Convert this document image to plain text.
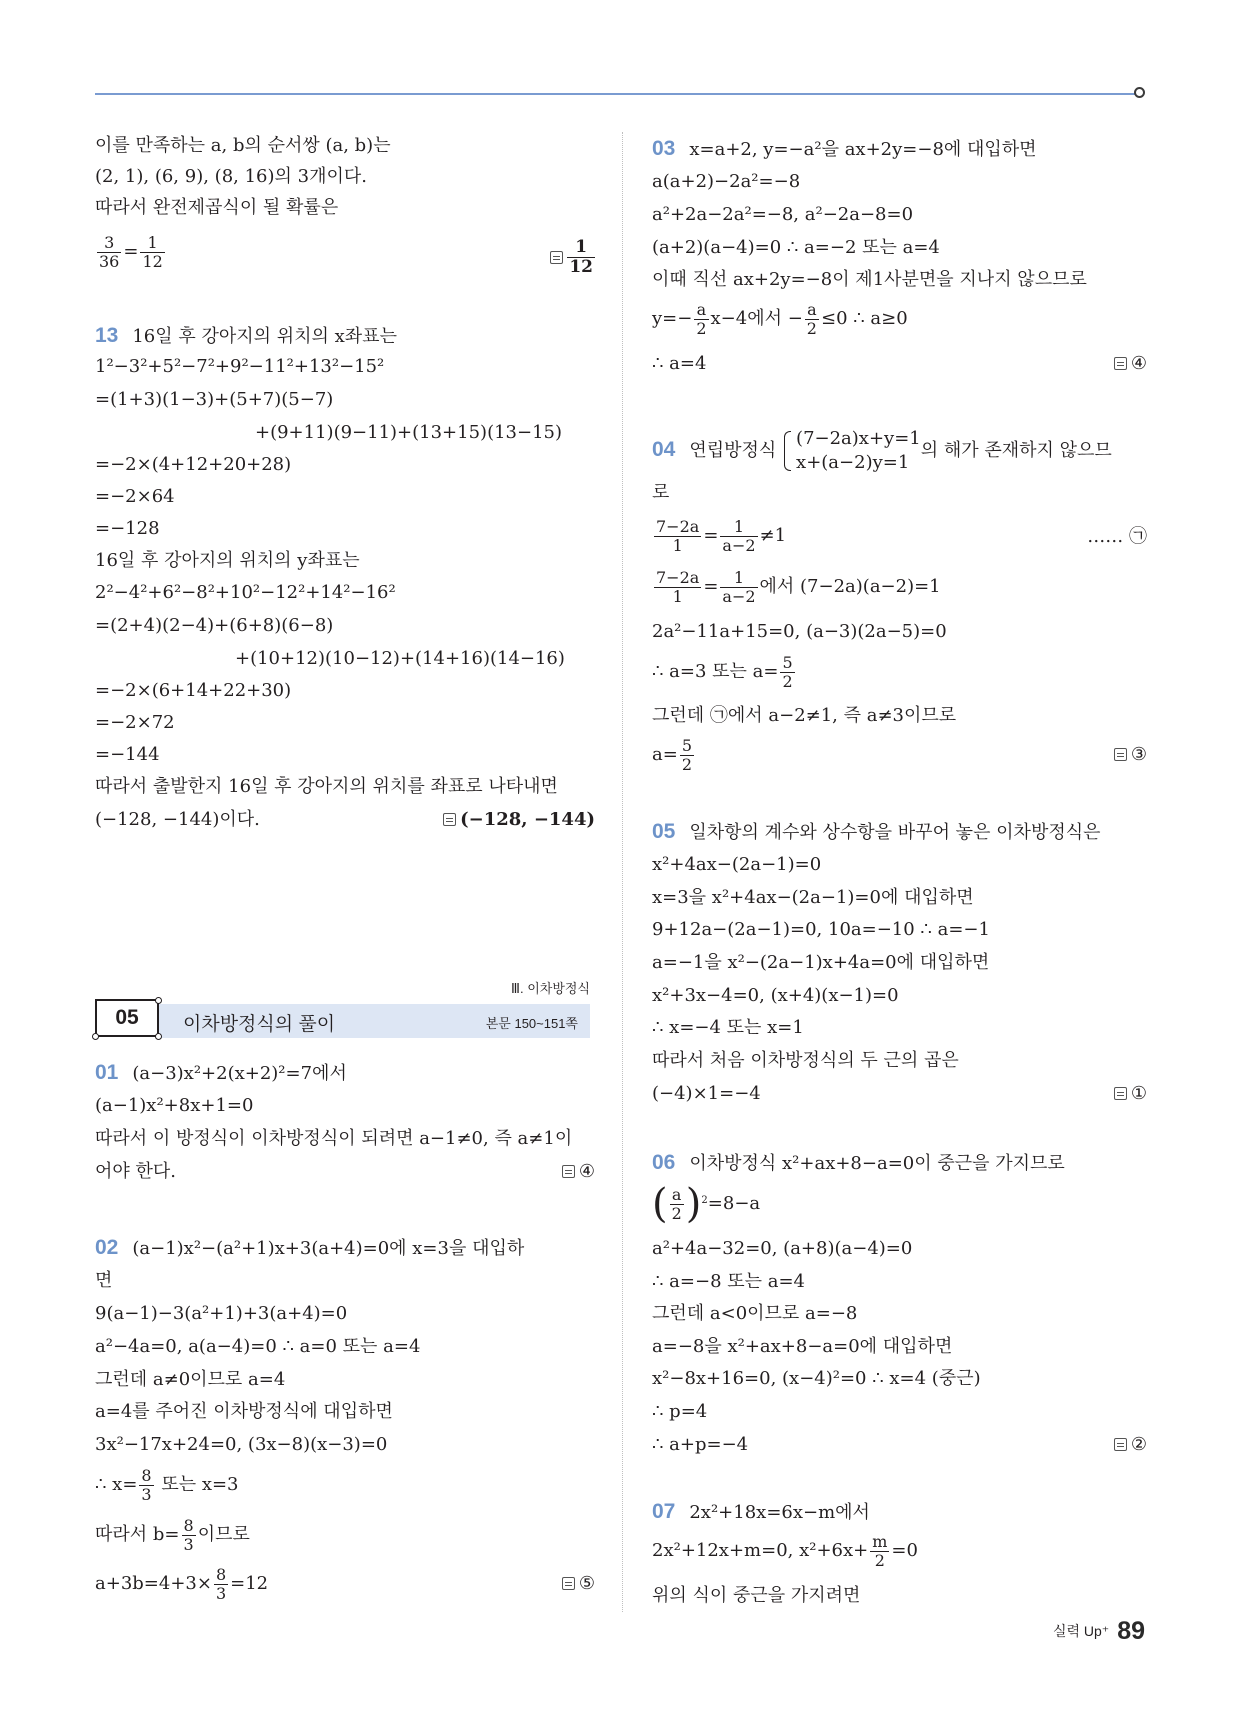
이를 만족하는 a, b의 순서쌍 (a, b)는
(2, 1), (6, 9), (8, 16)의 3개이다.
따라서 완전제곱식이 될 확률은
$\frac{3}{36} = \frac{1}{12}$	$\frac{1}{12}$
13 16일 후 강아지의 위치의 x좌표는
1²−3²+5²−7²+9²−11²+13²−15²
=(1+3)(1−3)+(5+7)(5−7)
+(9+11)(9−11)+(13+15)(13−15)
=−2×(4+12+20+28)
=−2×64
=−128
16일 후 강아지의 위치의 y좌표는
2²−4²+6²−8²+10²−12²+14²−16²
=(2+4)(2−4)+(6+8)(6−8)
+(10+12)(10−12)+(14+16)(14−16)
=−2×(6+14+22+30)
=−2×72
=−144
따라서 출발한지 16일 후 강아지의 위치를 좌표로 나타내면
(−128, −144)이다.	(−128, −144)
Ⅲ. 이차방정식
05	이차방정식의 풀이	본문 150~151쪽
01 (a−3)x²+2(x+2)²=7에서
(a−1)x²+8x+1=0
따라서 이 방정식이 이차방정식이 되려면 a−1≠0, 즉 a≠1이
어야 한다.	④
02 (a−1)x²−(a²+1)x+3(a+4)=0에 x=3을 대입하
면
9(a−1)−3(a²+1)+3(a+4)=0
a²−4a=0, a(a−4)=0 ∴ a=0 또는 a=4
그런데 a≠0이므로 a=4
a=4를 주어진 이차방정식에 대입하면
3x²−17x+24=0, (3x−8)(x−3)=0
∴ $x= \frac{8}{3}$ 또는 x=3
따라서 $b= \frac{8}{3}$ 이므로
$a+3b=4+3\times \frac{8}{3} =12$	⑤
03 x=a+2, y=−a²을 ax+2y=−8에 대입하면
a(a+2)−2a²=−8
a²+2a−2a²=−8, a²−2a−8=0
(a+2)(a−4)=0 ∴ a=−2 또는 a=4
이때 직선 ax+2y=−8이 제1사분면을 지나지 않으므로
$y=- \frac{a}{2} x-4$에서 − $\frac{a}{2} \le 0$ ∴ a≥0
∴ a=4	④
04 연립방정식
(7−2a)x+y=1
x+(a−2)y=1
의 해가 존재하지 않으므
로
$\frac{7-2a}{1} = \frac{1}{a-2} \ne 1$	…… ㉠
$\frac{7-2a}{1} = \frac{1}{a-2}$ 에서 (7−2a)(a−2)=1
2a²−11a+15=0, (a−3)(2a−5)=0
∴ a=3 또는 $a= \frac{5}{2}$
그런데 ㉠에서 a−2≠1, 즉 a≠3이므로
$a= \frac{5}{2}$	③
05 일차항의 계수와 상수항을 바꾸어 놓은 이차방정식은
x²+4ax−(2a−1)=0
x=3을 x²+4ax−(2a−1)=0에 대입하면
9+12a−(2a−1)=0, 10a=−10 ∴ a=−1
a=−1을 x²−(2a−1)x+4a=0에 대입하면
x²+3x−4=0, (x+4)(x−1)=0
∴ x=−4 또는 x=1
따라서 처음 이차방정식의 두 근의 곱은
(−4)×1=−4	①
06 이차방정식 x²+ax+8−a=0이 중근을 가지므로
( $\frac{a}{2} )^2=8-a$
a²+4a−32=0, (a+8)(a−4)=0
∴ a=−8 또는 a=4
그런데 a<0이므로 a=−8
a=−8을 x²+ax+8−a=0에 대입하면
x²−8x+16=0, (x−4)²=0 ∴ x=4 (중근)
∴ p=4
∴ a+p=−4	②
07 2x²+18x=6x−m에서
2x²+12x+m=0, $x^2+6x+ \frac{m}{2} =0$
위의 식이 중근을 가지려면
실력 Up⁺ 89
